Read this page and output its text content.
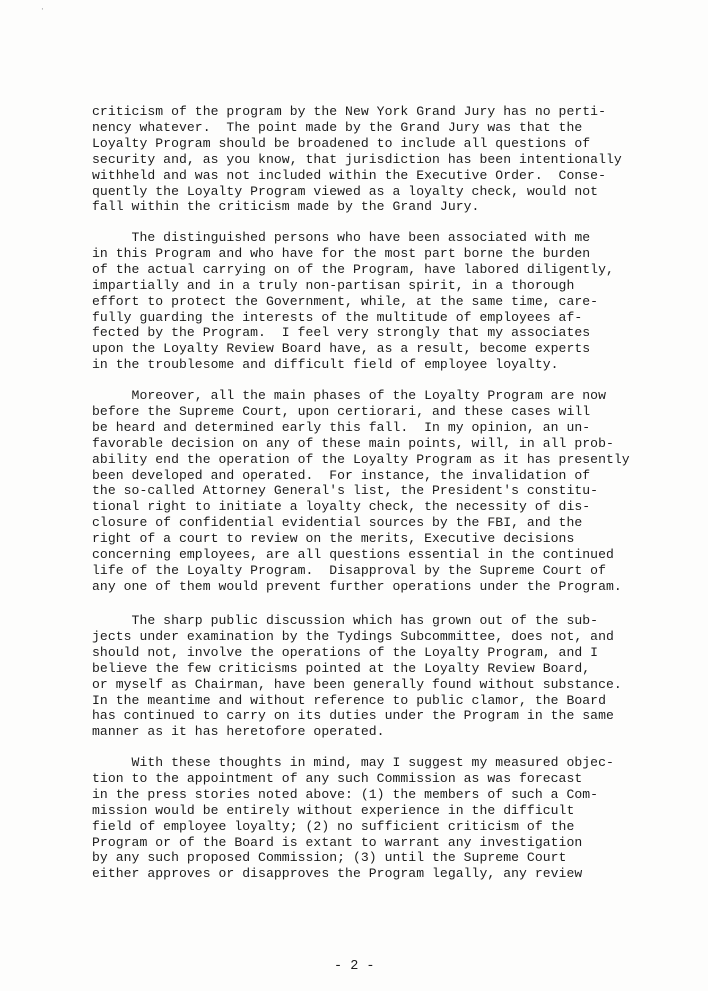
·
criticism of the program by the New York Grand Jury has no perti-
nency whatever.  The point made by the Grand Jury was that the
Loyalty Program should be broadened to include all questions of
security and, as you know, that jurisdiction has been intentionally
withheld and was not included within the Executive Order.  Conse-
quently the Loyalty Program viewed as a loyalty check, would not
fall within the criticism made by the Grand Jury.
The distinguished persons who have been associated with me
in this Program and who have for the most part borne the burden
of the actual carrying on of the Program, have labored diligently,
impartially and in a truly non-partisan spirit, in a thorough
effort to protect the Government, while, at the same time, care-
fully guarding the interests of the multitude of employees af-
fected by the Program.  I feel very strongly that my associates
upon the Loyalty Review Board have, as a result, become experts
in the troublesome and difficult field of employee loyalty.
Moreover, all the main phases of the Loyalty Program are now
before the Supreme Court, upon certiorari, and these cases will
be heard and determined early this fall.  In my opinion, an un-
favorable decision on any of these main points, will, in all prob-
ability end the operation of the Loyalty Program as it has presently
been developed and operated.  For instance, the invalidation of
the so-called Attorney General's list, the President's constitu-
tional right to initiate a loyalty check, the necessity of dis-
closure of confidential evidential sources by the FBI, and the
right of a court to review on the merits, Executive decisions
concerning employees, are all questions essential in the continued
life of the Loyalty Program.  Disapproval by the Supreme Court of
any one of them would prevent further operations under the Program.
The sharp public discussion which has grown out of the sub-
jects under examination by the Tydings Subcommittee, does not, and
should not, involve the operations of the Loyalty Program, and I
believe the few criticisms pointed at the Loyalty Review Board,
or myself as Chairman, have been generally found without substance.
In the meantime and without reference to public clamor, the Board
has continued to carry on its duties under the Program in the same
manner as it has heretofore operated.
With these thoughts in mind, may I suggest my measured objec-
tion to the appointment of any such Commission as was forecast
in the press stories noted above: (1) the members of such a Com-
mission would be entirely without experience in the difficult
field of employee loyalty; (2) no sufficient criticism of the
Program or of the Board is extant to warrant any investigation
by any such proposed Commission; (3) until the Supreme Court
either approves or disapproves the Program legally, any review
- 2 -
